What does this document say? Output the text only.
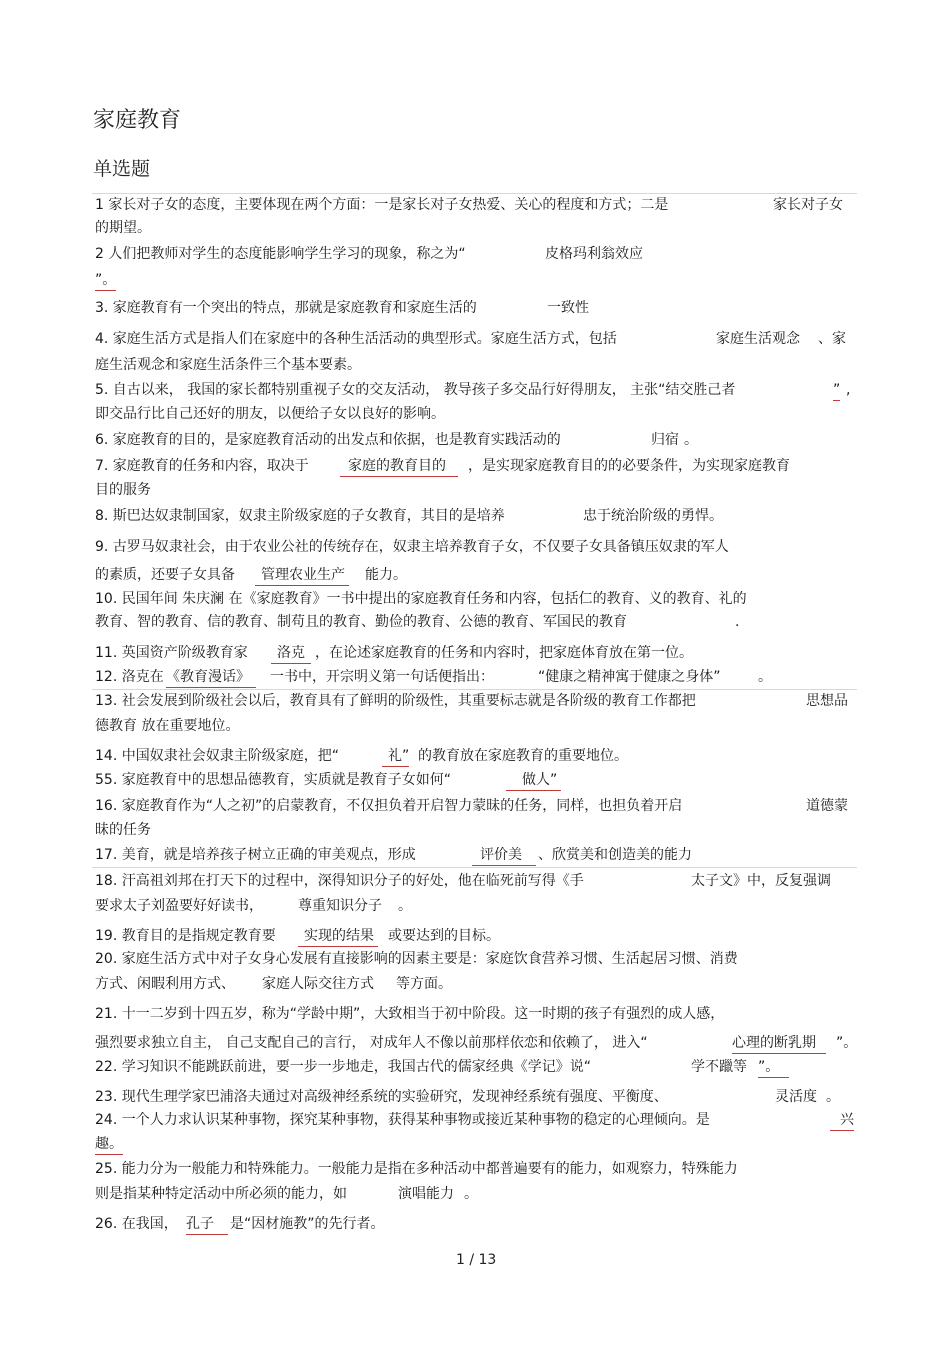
家庭教育
单选题
1 家长对子女的态度，主要体现在两个方面：一是家长对子女热爱、关心的程度和方式；二是	家长对子女
的期望。
2 人们把教师对学生的态度能影响学生学习的现象，称之为“	皮格玛利翁效应
”。
3. 家庭教育有一个突出的特点，那就是家庭教育和家庭生活的	一致性
4. 家庭生活方式是指人们在家庭中的各种生活活动的典型形式。家庭生活方式，包括	家庭生活观念 、家
庭生活观念和家庭生活条件三个基本要素。
5. 自古以来， 我国的家长都特别重视子女的交友活动， 教导孩子多交品行好得朋友， 主张“结交胜己者	” ,
即交品行比自己还好的朋友，以便给子女以良好的影响。
6. 家庭教育的目的，是家庭教育活动的出发点和依据，也是教育实践活动的	归宿 。
7. 家庭教育的任务和内容，取决于	家庭的教育目的	，是实现家庭教育目的的必要条件，为实现家庭教育
目的服务
8. 斯巴达奴隶制国家，奴隶主阶级家庭的子女教育，其目的是培养	忠于统治阶级的勇悍。
9. 古罗马奴隶社会，由于农业公社的传统存在，奴隶主培养教育子女，不仅要子女具备镇压奴隶的军人
的素质，还要子女具备	管理农业生产 能力。
10. 民国年间 朱庆澜 在《家庭教育》一书中提出的家庭教育任务和内容，包括仁的教育、义的教育、礼的
教育、智的教育、信的教育、制苟且的教育、勤俭的教育、公德的教育、军国民的教育	.
11. 英国资产阶级教育家	洛克 ，在论述家庭教育的任务和内容时，把家庭体育放在第一位。
12. 洛克在 《教育漫话》	一书中，开宗明义第一句话便指出：	“健康之精神寓于健康之身体”	。
13. 社会发展到阶级社会以后，教育具有了鲜明的阶级性，其重要标志就是各阶级的教育工作都把	思想品
德教育 放在重要地位。
14. 中国奴隶社会奴隶主阶级家庭，把“	礼” 的教育放在家庭教育的重要地位。
55. 家庭教育中的思想品德教育，实质就是教育子女如何“	做人”
16. 家庭教育作为“人之初”的启蒙教育，不仅担负着开启智力蒙昧的任务，同样，也担负着开启	道德蒙
昧的任务
17. 美育，就是培养孩子树立正确的审美观点，形成	评价美	、欣赏美和创造美的能力
18. 汗高祖刘邦在打天下的过程中，深得知识分子的好处，他在临死前写得《手	太子文》中，反复强调
要求太子刘盈要好好读书，	尊重知识分子 。
19. 教育目的是指规定教育要	实现的结果 或要达到的目标。
20. 家庭生活方式中对子女身心发展有直接影响的因素主要是：家庭饮食营养习惯、生活起居习惯、消费
方式、闲暇利用方式、 家庭人际交往方式 等方面。
21. 十一二岁到十四五岁，称为“学龄中期”，大致相当于初中阶段。这一时期的孩子有强烈的成人感，
强烈要求独立自主， 自己支配自己的言行， 对成年人不像以前那样依恋和依赖了， 进入“	心理的断乳期	”。
22. 学习知识不能跳跃前进，要一步一步地走，我国古代的儒家经典《学记》说“	学不躐等 ”。
23. 现代生理学家巴浦洛夫通过对高级神经系统的实验研究，发现神经系统有强度、平衡度、	灵活度 。
24. 一个人力求认识某种事物，探究某种事物，获得某种事物或接近某种事物的稳定的心理倾向。是	兴
趣。
25. 能力分为一般能力和特殊能力。一般能力是指在多种活动中都普遍要有的能力，如观察力，特殊能力
则是指某种特定活动中所必须的能力，如	演唱能力 。
26. 在我国， 孔子	是“因材施教”的先行者。
1 / 13
